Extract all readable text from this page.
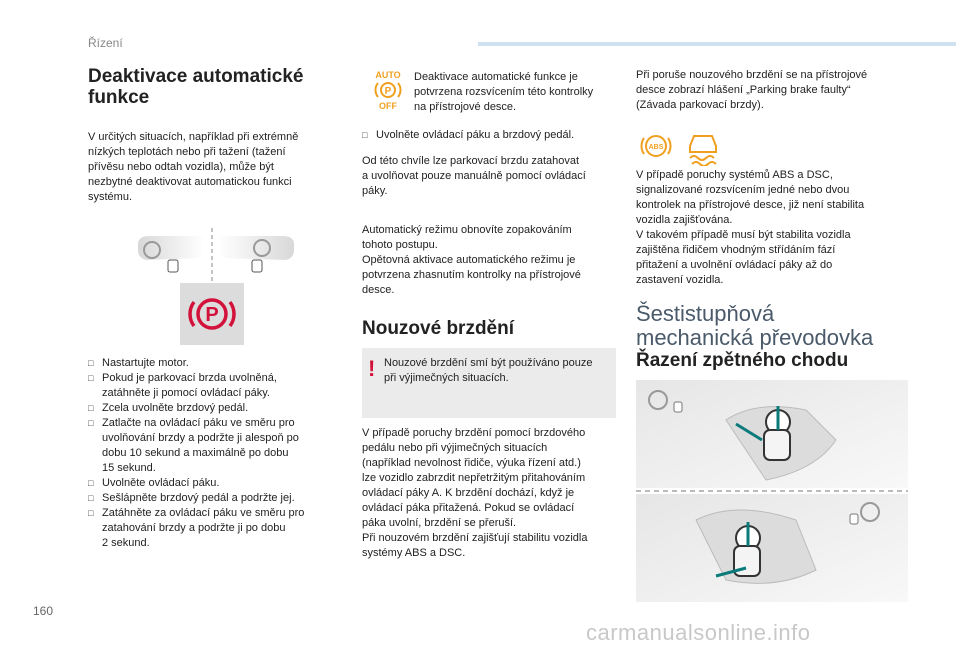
Řízení
Deaktivace automatické
funkce
V určitých situacích, například při extrémně
nízkých teplotách nebo při tažení (tažení
přívěsu nebo odtah vozidla), může být
nezbytné deaktivovat automatickou funkci
systému.
P
□ Nastartujte motor.
□ Pokud je parkovací brzda uvolněná,
zatáhněte ji pomocí ovládací páky.
□ Zcela uvolněte brzdový pedál.
□ Zatlačte na ovládací páku ve směru pro
uvolňování brzdy a podržte ji alespoň po
dobu 10 sekund a maximálně po dobu
15 sekund.
□ Uvolněte ovládací páku.
□ Sešlápněte brzdový pedál a podržte jej.
□ Zatáhněte za ovládací páku ve směru pro
zatahování brzdy a podržte ji po dobu
2 sekund.
AUTO
P
OFF
Deaktivace automatické funkce je
potvrzena rozsvícením této kontrolky
na přístrojové desce.
□ Uvolněte ovládací páku a brzdový pedál.
Od této chvíle lze parkovací brzdu zatahovat
a uvolňovat pouze manuálně pomocí ovládací
páky.
Automatický režimu obnovíte zopakováním
tohoto postupu.
Opětovná aktivace automatického režimu je
potvrzena zhasnutím kontrolky na přístrojové
desce.
Nouzové brzdění
! Nouzové brzdění smí být používáno pouze
při výjimečných situacích.
V případě poruchy brzdění pomocí brzdového
pedálu nebo při výjimečných situacích
(například nevolnost řidiče, výuka řízení atd.)
lze vozidlo zabrzdit nepřetržitým přitahováním
ovládací páky A. K brzdění dochází, když je
ovládací páka přitažená. Pokud se ovládací
páka uvolní, brzdění se přeruší.
Při nouzovém brzdění zajišťují stabilitu vozidla
systémy ABS a DSC.
Při poruše nouzového brzdění se na přístrojové
desce zobrazí hlášení „Parking brake faulty“
(Závada parkovací brzdy).
ABS
V případě poruchy systémů ABS a DSC,
signalizované rozsvícením jedné nebo dvou
kontrolek na přístrojové desce, již není stabilita
vozidla zajišťována.
V takovém případě musí být stabilita vozidla
zajištěna řidičem vhodným střídáním fází
přitažení a uvolnění ovládací páky až do
zastavení vozidla.
Šestistupňová
mechanická převodovka
Řazení zpětného chodu
160
carmanualsonline.info
